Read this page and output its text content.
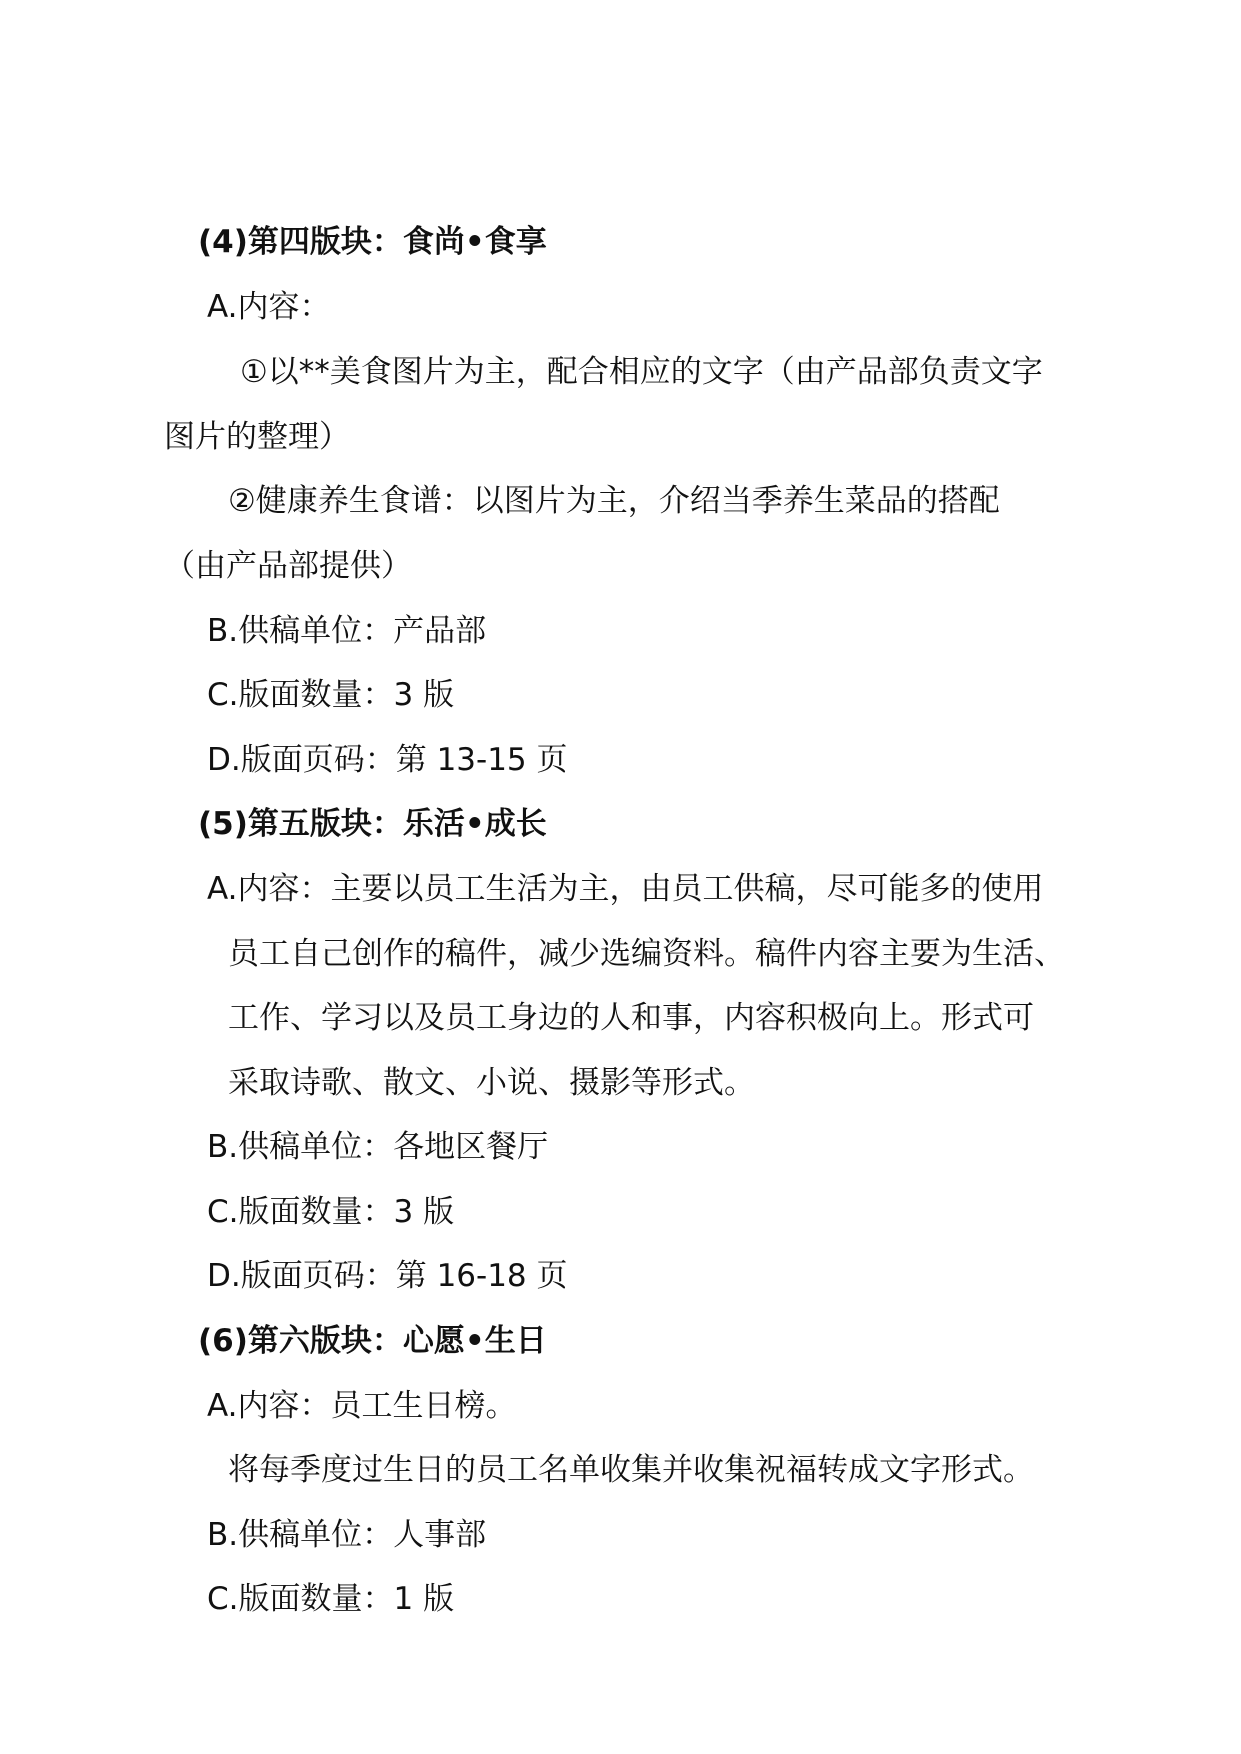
(4)第四版块：食尚•食享
A.内容：
①以**美食图片为主，配合相应的文字（由产品部负责文字
图片的整理）
②健康养生食谱：以图片为主，介绍当季养生菜品的搭配
（由产品部提供）
B.供稿单位：产品部
C.版面数量：3 版
D.版面页码：第 13-15 页
(5)第五版块：乐活•成长
A.内容：主要以员工生活为主，由员工供稿，尽可能多的使用
员工自己创作的稿件，减少选编资料。稿件内容主要为生活、
工作、学习以及员工身边的人和事，内容积极向上。形式可
采取诗歌、散文、小说、摄影等形式。
B.供稿单位：各地区餐厅
C.版面数量：3 版
D.版面页码：第 16-18 页
(6)第六版块：心愿•生日
A.内容：员工生日榜。
将每季度过生日的员工名单收集并收集祝福转成文字形式。
B.供稿单位：人事部
C.版面数量：1 版
